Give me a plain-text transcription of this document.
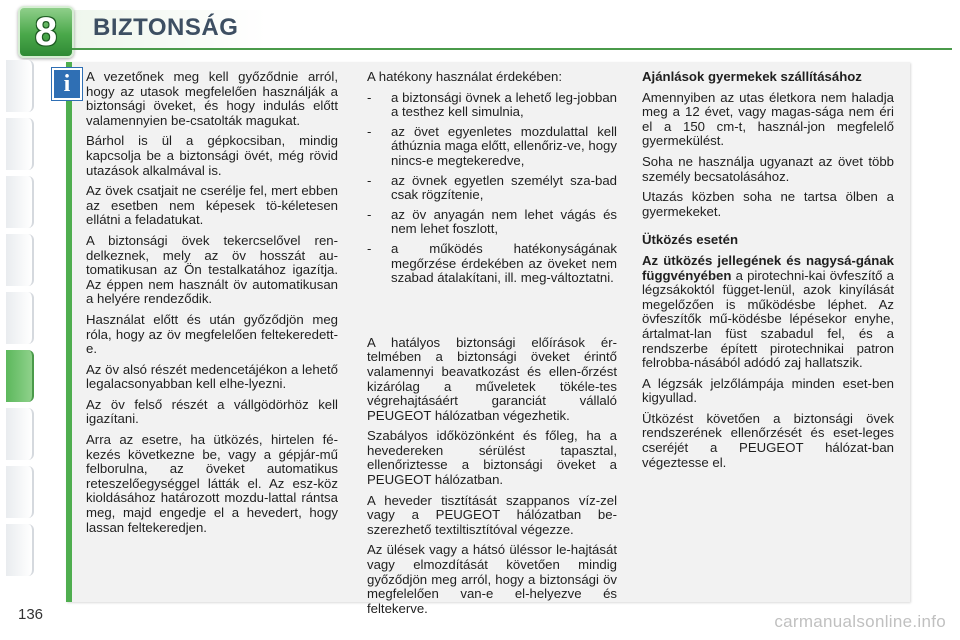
8 BIZTONSÁG
i A vezetőnek meg kell győződnie arról, hogy az utasok megfelelően használják a biztonsági öveket, és hogy indulás előtt valamennyien be-csatolták magukat.

Bárhol is ül a gépkocsiban, mindig kapcsolja be a biztonsági övét, még rövid utazások alkalmával is.

Az övek csatjait ne cserélje fel, mert ebben az esetben nem képesek tö-kéletesen ellátni a feladatukat.

A biztonsági övek tekercselővel ren-delkeznek, mely az öv hosszát au-tomatikusan az Ön testalkatához igazítja. Az éppen nem használt öv automatikusan a helyére rendeződik.

Használat előtt és után győződjön meg róla, hogy az öv megfelelően feltekeredett-e.

Az öv alsó részét medencetájékon a lehető legalacsonyabban kell elhe-lyezni.

Az öv felső részét a vállgödörhöz kell igazítani.

Arra az esetre, ha ütközés, hirtelen fé-kezés következne be, vagy a gépjár-mű felborulna, az öveket automatikus reteszelőegységgel látták el. Az esz-köz kioldásához határozott mozdu-lattal rántsa meg, majd engedje el a hevedert, hogy lassan feltekeredjen.

A hatékony használat érdekében:

- a biztonsági övnek a lehető leg-jobban a testhez kell simulnia,
- az övet egyenletes mozdulattal kell áthúznia maga előtt, ellenőriz-ve, hogy nincs-e megtekeredve,
- az övnek egyetlen személyt sza-bad csak rögzítenie,
- az öv anyagán nem lehet vágás és nem lehet foszlott,
- a működés hatékonyságának megőrzése érdekében az öveket nem szabad átalakítani, ill. meg-változtatni.

A hatályos biztonsági előírások ér-telmében a biztonsági öveket érintő valamennyi beavatkozást és ellen-őrzést kizárólag a műveletek tökéle-tes végrehajtásáért garanciát vállaló PEUGEOT hálózatban végezhetik.

Szabályos időközönként és főleg, ha a hevedereken sérülést tapasztal, ellenőriztesse a biztonsági öveket a PEUGEOT hálózatban.

A heveder tisztítását szappanos víz-zel vagy a PEUGEOT hálózatban be-szerezhető textiltisztítóval végezze.

Az ülések vagy a hátsó üléssor le-hajtását vagy elmozdítását követően mindig győződjön meg arról, hogy a biztonsági öv megfelelően van-e el-helyezve és feltekerve.

Ajánlások gyermekek szállításához

Amennyiben az utas életkora nem haladja meg a 12 évet, vagy magas-sága nem éri el a 150 cm-t, használ-jon megfelelő gyermekülést.

Soha ne használja ugyanazt az övet több személy becsatolásához.

Utazás közben soha ne tartsa ölben a gyermekeket.

Ütközés esetén

Az ütközés jellegének és nagysá-gának függvényében a pirotechni-kai övfeszítő a légzsákoktól függet-lenül, azok kinyílását megelőzően is működésbe léphet. Az övfeszítők mű-ködésbe lépésekor enyhe, ártalmat-lan füst szabadul fel, és a rendszerbe épített pirotechnikai patron felrobba-násából adódó zaj hallatszik.

A légzsák jelzőlámpája minden eset-ben kigyullad.

Ütközést követően a biztonsági övek rendszerének ellenőrzését és eset-leges cseréjét a PEUGEOT hálózat-ban végeztesse el.

136	carmanualsonline.info
